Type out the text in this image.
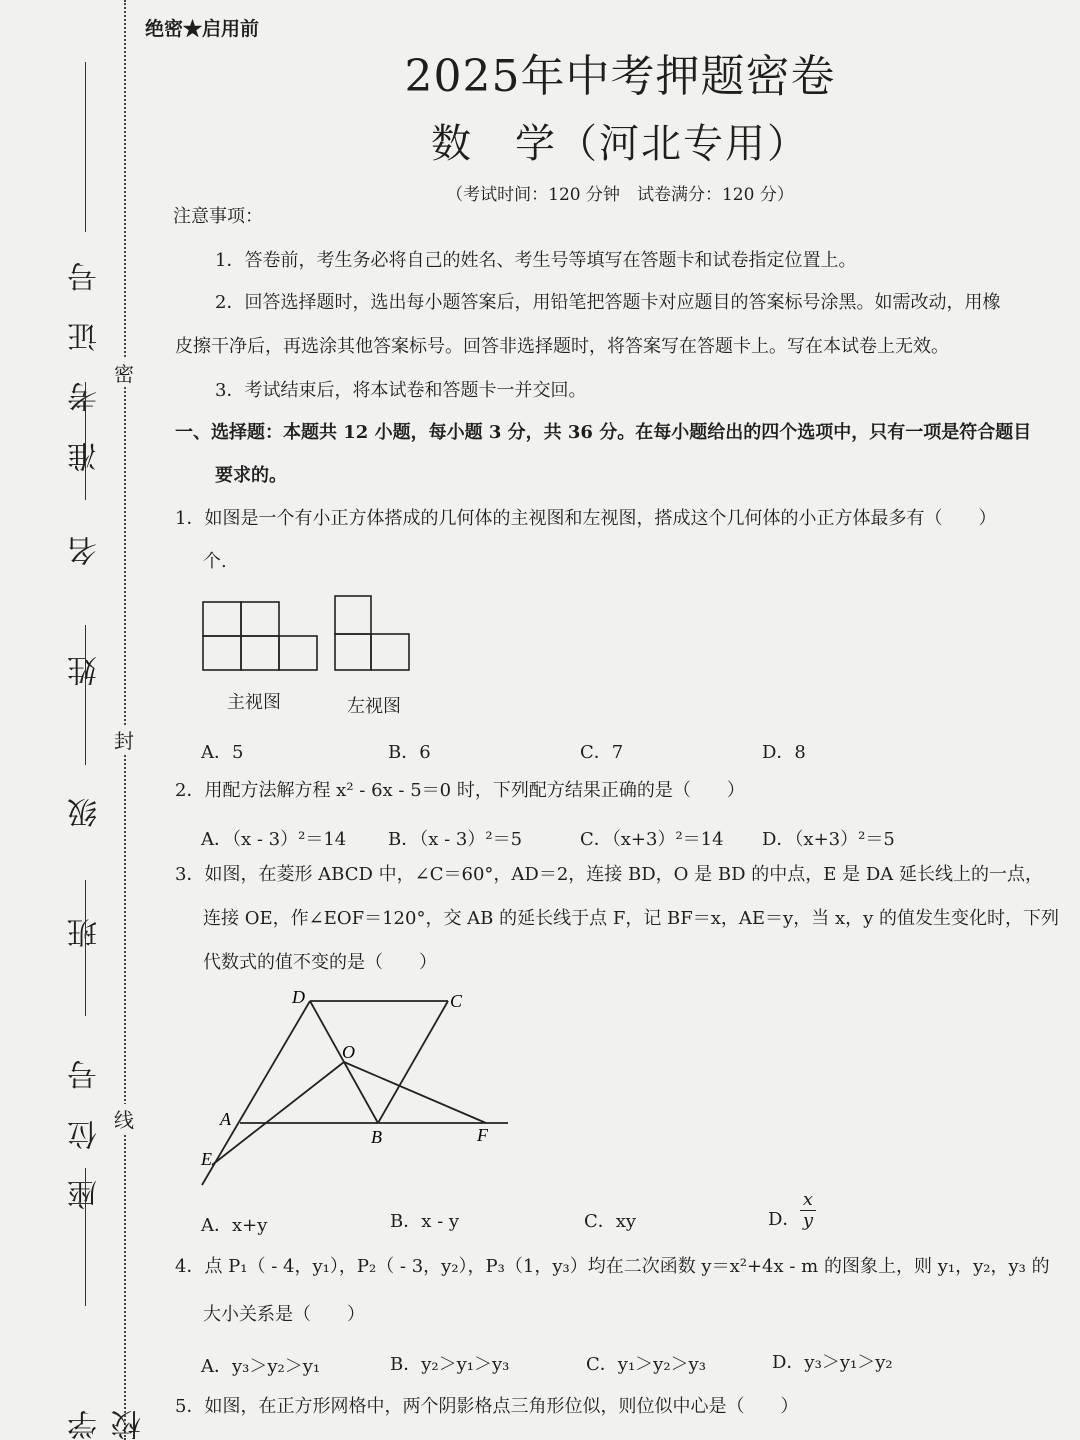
准考证号
姓　名
班　级
座位号
学　校
密
封
线
绝密★启用前
2025年中考押题密卷
数　学（河北专用）
（考试时间：120 分钟　试卷满分：120 分）
注意事项：
1．答卷前，考生务必将自己的姓名、考生号等填写在答题卡和试卷指定位置上。
2．回答选择题时，选出每小题答案后，用铅笔把答题卡对应题目的答案标号涂黑。如需改动，用橡
皮擦干净后，再选涂其他答案标号。回答非选择题时，将答案写在答题卡上。写在本试卷上无效。
3．考试结束后，将本试卷和答题卡一并交回。
一、选择题：本题共 12 小题，每小题 3 分，共 36 分。在每小题给出的四个选项中，只有一项是符合题目
要求的。
1．如图是一个有小正方体搭成的几何体的主视图和左视图，搭成这个几何体的小正方体最多有（　　）
个.
主视图	左视图
A．5	B．6	C．7	D．8
2．用配方法解方程 x² - 6x - 5＝0 时，下列配方结果正确的是（　　）
A．（x - 3）²＝14 B．（x - 3）²＝5	C．（x+3）²＝14 D．（x+3）²＝5
3．如图，在菱形 ABCD 中，∠C＝60°，AD＝2，连接 BD，O 是 BD 的中点，E 是 DA 延长线上的一点，
连接 OE，作∠EOF＝120°，交 AB 的延长线于点 F，记 BF＝x，AE＝y，当 x，y 的值发生变化时，下列
代数式的值不变的是（　　）
D	C
O
A
B	F
E
A．x+y	B．x - y	C．xy	D． $\frac{x}{y}$
4．点 P₁（ - 4，y₁），P₂（ - 3，y₂），P₃（1，y₃）均在二次函数 y＝x²+4x - m 的图象上，则 y₁，y₂，y₃ 的
大小关系是（　　）
A．y₃＞y₂＞y₁	B．y₂＞y₁＞y₃	C．y₁＞y₂＞y₃	D．y₃＞y₁＞y₂
5．如图，在正方形网格中，两个阴影格点三角形位似，则位似中心是（　　）
